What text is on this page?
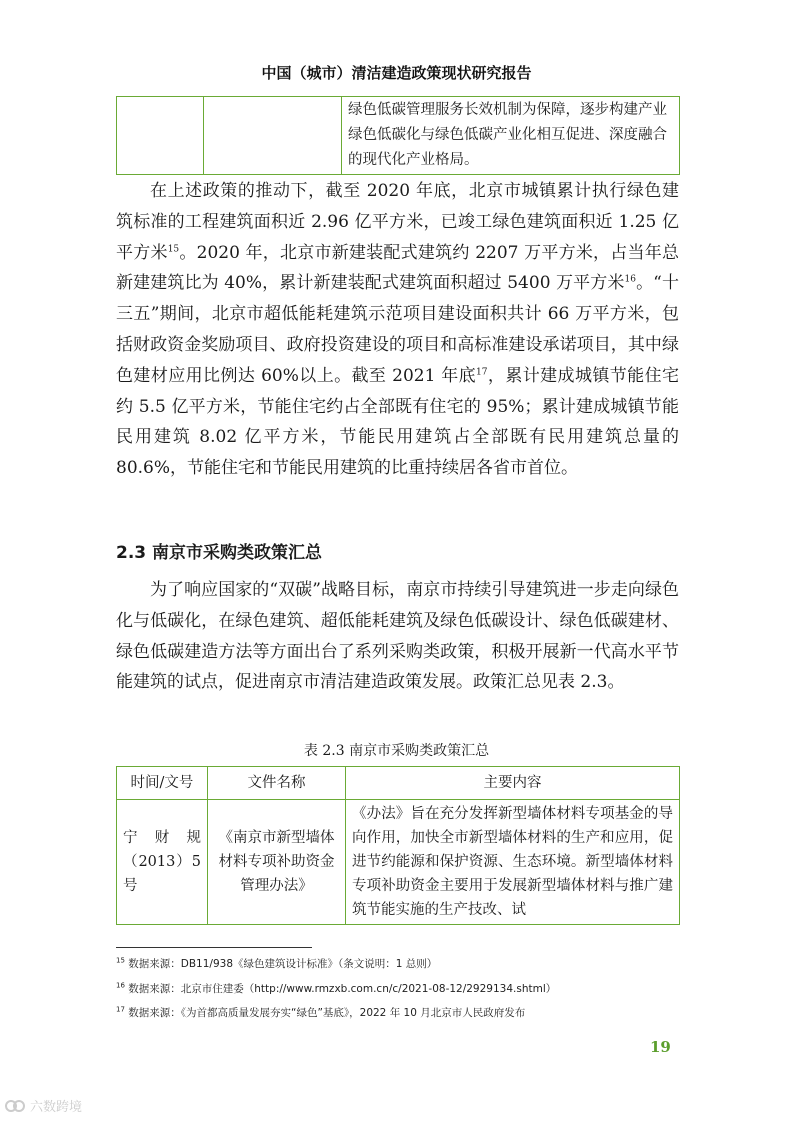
中国（城市）清洁建造政策现状研究报告
		绿色低碳管理服务长效机制为保障，逐步构建产业绿色低碳化与绿色低碳产业化相互促进、深度融合的现代化产业格局。

在上述政策的推动下，截至 2020 年底，北京市城镇累计执行绿色建筑标准的工程建筑面积近 2.96 亿平方米，已竣工绿色建筑面积近 1.25 亿平方米$^{15}$。2020 年，北京市新建装配式建筑约 2207 万平方米，占当年总新建建筑比为 40%，累计新建装配式建筑面积超过 5400 万平方米$^{16}$。“十三五”期间，北京市超低能耗建筑示范项目建设面积共计 66 万平方米，包括财政资金奖励项目、政府投资建设的项目和高标准建设承诺项目，其中绿色建材应用比例达 60%以上。截至 2021 年底$^{17}$，累计建成城镇节能住宅约 5.5 亿平方米，节能住宅约占全部既有住宅的 95%；累计建成城镇节能民用建筑 8.02 亿平方米，节能民用建筑占全部既有民用建筑总量的 80.6%，节能住宅和节能民用建筑的比重持续居各省市首位。

2.3 南京市采购类政策汇总

为了响应国家的“双碳”战略目标，南京市持续引导建筑进一步走向绿色化与低碳化，在绿色建筑、超低能耗建筑及绿色低碳设计、绿色低碳建材、绿色低碳建造方法等方面出台了系列采购类政策，积极开展新一代高水平节能建筑的试点，促进南京市清洁建造政策发展。政策汇总见表 2.3。

表 2.3 南京市采购类政策汇总
时间/文号	文件名称	主要内容
宁财规（2013）5号	《南京市新型墙体材料专项补助资金管理办法》	《办法》旨在充分发挥新型墙体材料专项基金的导向作用，加快全市新型墙体材料的生产和应用，促进节约能源和保护资源、生态环境。新型墙体材料专项补助资金主要用于发展新型墙体材料与推广建筑节能实施的生产技改、试
$^{15}$ 数据来源：DB11/938《绿色建筑设计标准》（条文说明：1 总则）
$^{16}$ 数据来源：北京市住建委（http://www.rmzxb.com.cn/c/2021-08-12/2929134.shtml）
$^{17}$ 数据来源：《为首都高质量发展夯实“绿色”基底》，2022 年 10 月北京市人民政府发布
19
六数跨境
